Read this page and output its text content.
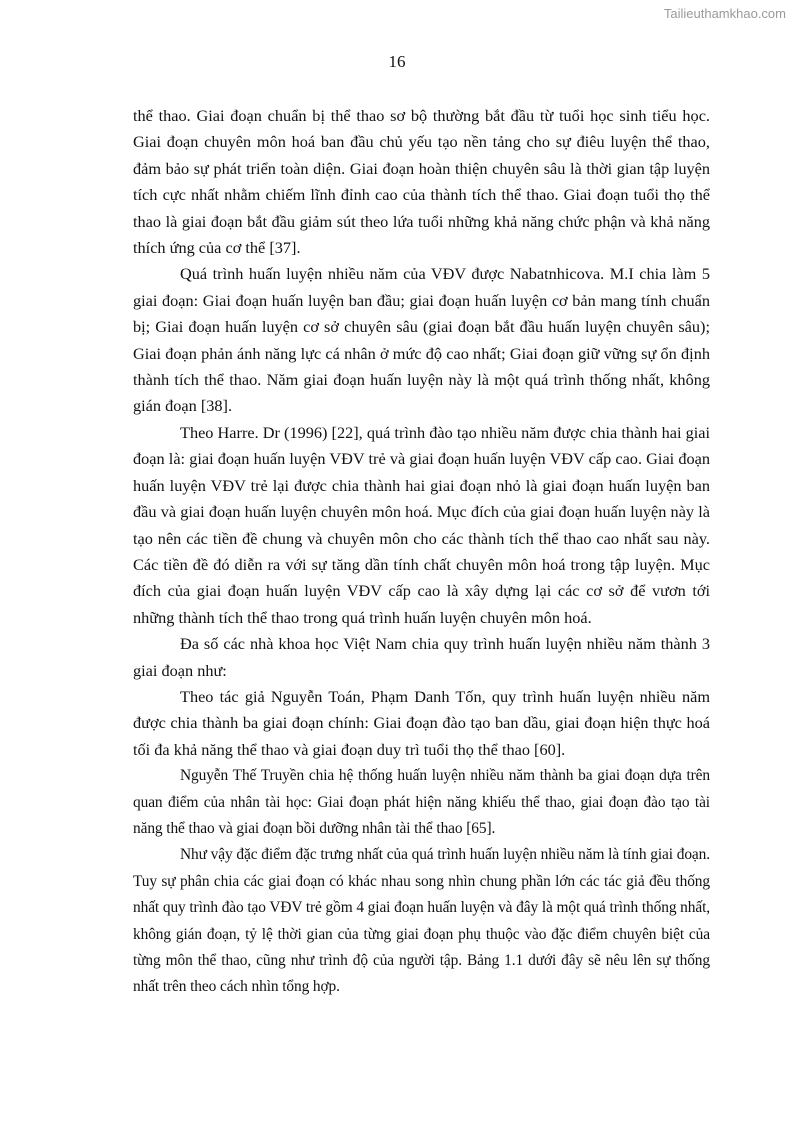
Tailieuthamkhao.com
16

thể thao. Giai đoạn chuẩn bị thể thao sơ bộ thường bắt đầu từ tuổi học sinh tiểu học. Giai đoạn chuyên môn hoá ban đầu chủ yếu tạo nền tảng cho sự điêu luyện thể thao, đảm bảo sự phát triển toàn diện. Giai đoạn hoàn thiện chuyên sâu là thời gian tập luyện tích cực nhất nhằm chiếm lĩnh đỉnh cao của thành tích thể thao. Giai đoạn tuổi thọ thể thao là giai đoạn bắt đầu giảm sút theo lứa tuổi những khả năng chức phận và khả năng thích ứng của cơ thể [37].

Quá trình huấn luyện nhiều năm của VĐV được Nabatnhicova. M.I chia làm 5 giai đoạn: Giai đoạn huấn luyện ban đầu; giai đoạn huấn luyện cơ bản mang tính chuẩn bị; Giai đoạn huấn luyện cơ sở chuyên sâu (giai đoạn bắt đầu huấn luyện chuyên sâu); Giai đoạn phản ánh năng lực cá nhân ở mức độ cao nhất; Giai đoạn giữ vững sự ổn định thành tích thể thao. Năm giai đoạn huấn luyện này là một quá trình thống nhất, không gián đoạn [38].

Theo Harre. Dr (1996) [22], quá trình đào tạo nhiều năm được chia thành hai giai đoạn là: giai đoạn huấn luyện VĐV trẻ và giai đoạn huấn luyện VĐV cấp cao. Giai đoạn huấn luyện VĐV trẻ lại được chia thành hai giai đoạn nhỏ là giai đoạn huấn luyện ban đầu và giai đoạn huấn luyện chuyên môn hoá. Mục đích của giai đoạn huấn luyện này là tạo nên các tiền đề chung và chuyên môn cho các thành tích thể thao cao nhất sau này. Các tiền đề đó diễn ra với sự tăng dần tính chất chuyên môn hoá trong tập luyện. Mục đích của giai đoạn huấn luyện VĐV cấp cao là xây dựng lại các cơ sở để vươn tới những thành tích thể thao trong quá trình huấn luyện chuyên môn hoá.

Đa số các nhà khoa học Việt Nam chia quy trình huấn luyện nhiều năm thành 3 giai đoạn như:

Theo tác giả Nguyễn Toán, Phạm Danh Tốn, quy trình huấn luyện nhiều năm được chia thành ba giai đoạn chính: Giai đoạn đào tạo ban dầu, giai đoạn hiện thực hoá tối đa khả năng thể thao và giai đoạn duy trì tuổi thọ thể thao [60].

Nguyễn Thế Truyền chia hệ thống huấn luyện nhiều năm thành ba giai đoạn dựa trên quan điểm của nhân tài học: Giai đoạn phát hiện năng khiếu thể thao, giai đoạn đào tạo tài năng thể thao và giai đoạn bồi dưỡng nhân tài thể thao [65].

Như vậy đặc điểm đặc trưng nhất của quá trình huấn luyện nhiều năm là tính giai đoạn. Tuy sự phân chia các giai đoạn có khác nhau song nhìn chung phần lớn các tác giả đều thống nhất quy trình đào tạo VĐV trẻ gồm 4 giai đoạn huấn luyện và đây là một quá trình thống nhất, không gián đoạn, tỷ lệ thời gian của từng giai đoạn phụ thuộc vào đặc điểm chuyên biệt của từng môn thể thao, cũng như trình độ của người tập. Bảng 1.1 dưới đây sẽ nêu lên sự thống nhất trên theo cách nhìn tổng hợp.
